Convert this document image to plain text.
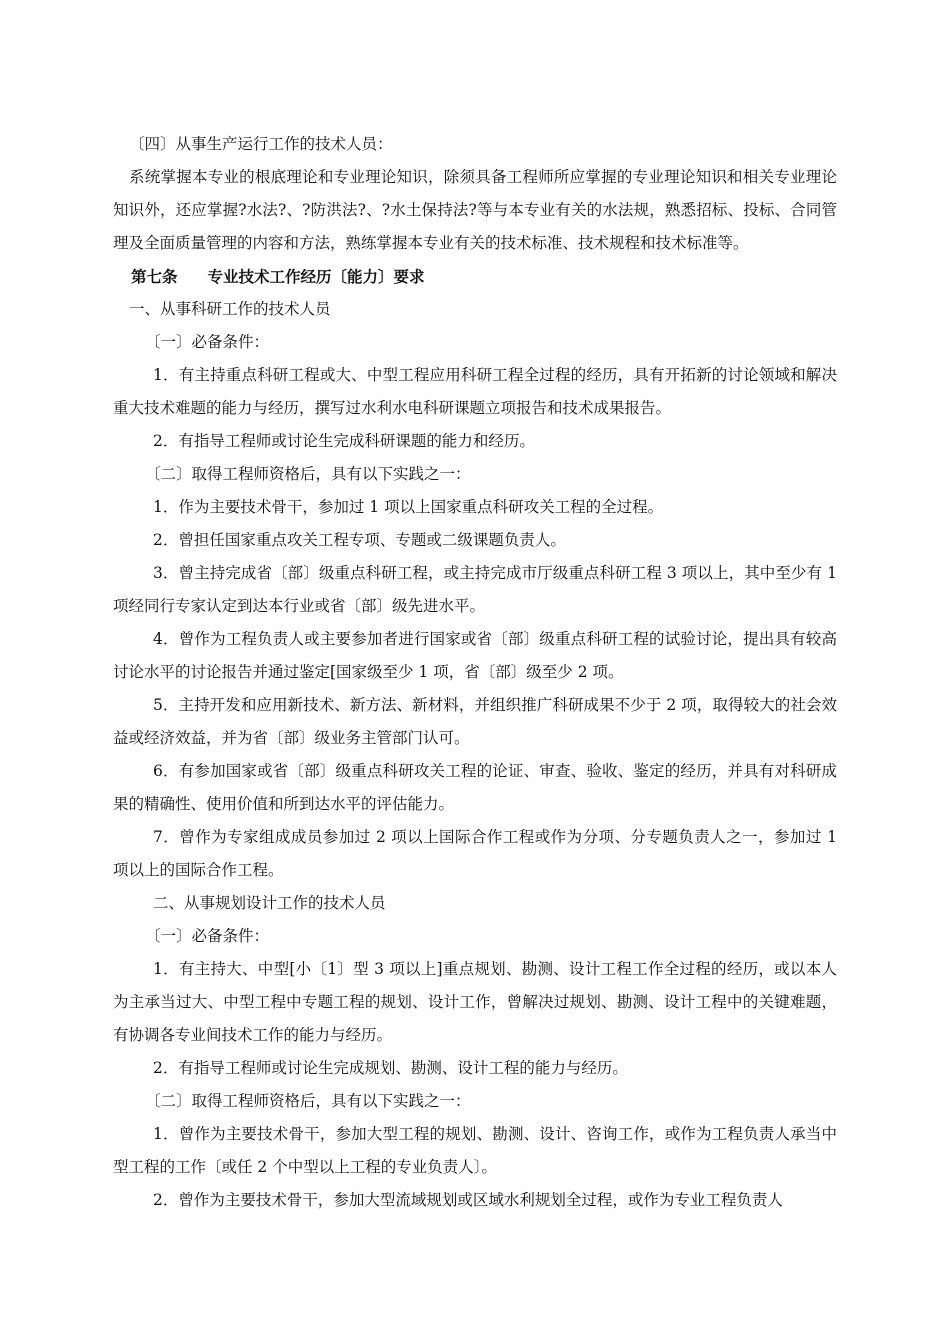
〔四〕从事生产运行工作的技术人员：

系统掌握本专业的根底理论和专业理论知识，除须具备工程师所应掌握的专业理论知识和相关专业理论知识外，还应掌握?水法?、?防洪法?、?水土保持法?等与本专业有关的水法规，熟悉招标、投标、合同管理及全面质量管理的内容和方法，熟练掌握本专业有关的技术标准、技术规程和技术标准等。

第七条 专业技术工作经历〔能力〕要求

一、从事科研工作的技术人员

〔一〕必备条件：

1．有主持重点科研工程或大、中型工程应用科研工程全过程的经历，具有开拓新的讨论领域和解决重大技术难题的能力与经历，撰写过水利水电科研课题立项报告和技术成果报告。

2．有指导工程师或讨论生完成科研课题的能力和经历。

〔二〕取得工程师资格后，具有以下实践之一：

1．作为主要技术骨干，参加过 1 项以上国家重点科研攻关工程的全过程。

2．曾担任国家重点攻关工程专项、专题或二级课题负责人。

3．曾主持完成省〔部〕级重点科研工程，或主持完成市厅级重点科研工程 3 项以上，其中至少有 1 项经同行专家认定到达本行业或省〔部〕级先进水平。

4．曾作为工程负责人或主要参加者进行国家或省〔部〕级重点科研工程的试验讨论，提出具有较高讨论水平的讨论报告并通过鉴定[国家级至少 1 项，省〔部〕级至少 2 项。

5．主持开发和应用新技术、新方法、新材料，并组织推广科研成果不少于 2 项，取得较大的社会效益或经济效益，并为省〔部〕级业务主管部门认可。

6．有参加国家或省〔部〕级重点科研攻关工程的论证、审查、验收、鉴定的经历，并具有对科研成果的精确性、使用价值和所到达水平的评估能力。

7．曾作为专家组成成员参加过 2 项以上国际合作工程或作为分项、分专题负责人之一，参加过 1 项以上的国际合作工程。

二、从事规划设计工作的技术人员

〔一〕必备条件：

1．有主持大、中型[小〔1〕型 3 项以上]重点规划、勘测、设计工程工作全过程的经历，或以本人为主承当过大、中型工程中专题工程的规划、设计工作，曾解决过规划、勘测、设计工程中的关键难题，有协调各专业间技术工作的能力与经历。

2．有指导工程师或讨论生完成规划、勘测、设计工程的能力与经历。

〔二〕取得工程师资格后，具有以下实践之一：

1．曾作为主要技术骨干，参加大型工程的规划、勘测、设计、咨询工作，或作为工程负责人承当中型工程的工作〔或任 2 个中型以上工程的专业负责人〕。

2．曾作为主要技术骨干，参加大型流域规划或区域水利规划全过程，或作为专业工程负责人
